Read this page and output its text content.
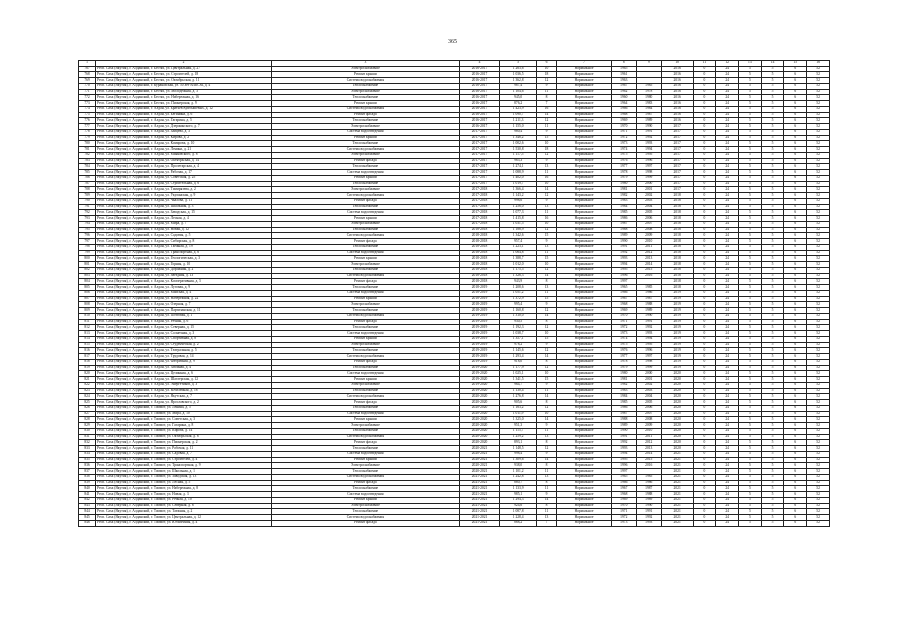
365
1	2	3	4	5	6	7	8	9	10	11	12	13	14	15	16
767	Респ. Саха (Якутия), г. Алданский, г. Бестях, ул. Центральная, д. 27	Электроснабжение	2016-2017	1 263,6	10	Нормальное	1965		2016	0	24	5	5	6	52
768	Респ. Саха (Якутия), г. Алданский, г. Бестях, ул. Строителей, д. 18	Ремонт крыши	2016-2017	1 036,5	18	Нормальное	1961		2016	0	24	5	5	6	52
769	Респ. Саха (Якутия), г. Алданский, г. Бестях, ул. Октябрьская, д. 11	Система водоснабжения	2016-2017	1 362,8	12	Нормальное	1963		2016	0	24	5	5	6	52
770	Респ. Саха (Якутия), г. Алданский, г. Куранахская, ул. 50 лет ВЛКСМ, д. 4	Теплоснабжение	2016-2017	987,4	9	Нормальное	1967	1985	2016	0	24	5	5	6	52
771	Респ. Саха (Якутия), г. Алданский, г. Бестях, ул. Молодежная, д. 3	Электроснабжение	2016-2017	1 104,6	11	Нормальное	1962	1978	2016	0	24	5	5	6	52
772	Респ. Саха (Якутия), г. Алданский, г. Бестях, ул. Набережная, д. 16	Теплоснабжение	2016-2017	945,0	8	Нормальное	1960	1980	2016	0	24	5	5	6	52
773	Респ. Саха (Якутия), г. Алданский, г. Бестях, ул. Пионерская, д. 9	Ремонт крыши	2016-2017	876,2	7	Нормальное	1964	1983	2016	0	24	5	5	6	52
774	Респ. Саха (Якутия), г. Алданский, г. Алдан, ул. Братьев Куйбышевых, д. 12	Система водоснабжения	2016-2017	1 423,9	16	Нормальное	1966	1984	2016	0	24	5	5	6	52
775	Респ. Саха (Якутия), г. Алданский, г. Алдан, ул. Бегинина, д. 6	Ремонт фасада	2016-2017	1 090,7	14	Нормальное	1968	1987	2016	0	24	5	5	6	52
776	Респ. Саха (Якутия), г. Алданский, г. Алдан, ул. Гагарина, д. 5	Теплоснабжение	2016-2017	1 211,3	12	Нормальное	1969	1989	2016	0	24	5	5	6	52
777	Респ. Саха (Якутия), г. Алданский, г. Алдан, ул. Дзержинского, д. 7	Электроснабжение	2016-2017	1 155,0	11	Нормальное	1970	1990	2017	0	24	5	5	6	52
778	Респ. Саха (Якутия), г. Алданский, г. Алдан, ул. Зайцева, д. 3	Система водоотведения	2017-2017	980,4	9	Нормальное	1971	1991	2017	0	24	5	5	6	52
779	Респ. Саха (Якутия), г. Алданский, г. Алдан, ул. Кирова, д. 2	Ремонт крыши	2017-2017	1 348,2	15	Нормальное	1972	1992	2017	0	24	5	5	6	52
780	Респ. Саха (Якутия), г. Алданский, г. Алдан, ул. Комарова, д. 10	Теплоснабжение	2017-2017	1 002,6	10	Нормальное	1973	1993	2017	0	24	5	5	6	52
781	Респ. Саха (Якутия), г. Алданский, г. Алдан, ул. Ленина, д. 21	Система водоснабжения	2017-2017	1 530,8	18	Нормальное	1974	1994	2017	0	24	5	5	6	52
782	Респ. Саха (Якутия), г. Алданский, г. Алдан, ул. Маяковского, д. 8	Электроснабжение	2017-2017	1 117,5	12	Нормальное	1975	1995	2017	0	24	5	5	6	52
783	Респ. Саха (Якутия), г. Алданский, г. Алдан, ул. Октябрьская, д. 14	Ремонт фасада	2017-2017	965,3	9	Нормальное	1976	1996	2017	0	24	5	5	6	52
784	Респ. Саха (Якутия), г. Алданский, г. Алдан, ул. Пролетарская, д. 4	Теплоснабжение	2017-2017	1 274,1	13	Нормальное	1977	1997	2017	0	24	5	5	6	52
785	Респ. Саха (Якутия), г. Алданский, г. Алдан, ул. Рабочая, д. 17	Система водоотведения	2017-2017	1 088,9	11	Нормальное	1978	1998	2017	0	24	5	5	6	52
786	Респ. Саха (Якутия), г. Алданский, г. Алдан, ул. Советская, д. 25	Ремонт крыши	2017-2017	1 402,0	16	Нормальное	1979	1999	2017	0	24	5	5	6	52
787	Респ. Саха (Якутия), г. Алданский, г. Алдан, ул. Строительная, д. 6	Теплоснабжение	2017-2017	1 019,7	10	Нормальное	1980	2000	2017	0	24	5	5	6	52
788	Респ. Саха (Якутия), г. Алданский, г. Алдан, ул. Тимирязева, д. 2	Электроснабжение	2017-2018	1 366,4	14	Нормальное	1981	2001	2017	0	24	5	5	6	52
789	Респ. Саха (Якутия), г. Алданский, г. Алдан, ул. Укуланская, д. 9	Система водоснабжения	2017-2018	1 143,2	12	Нормальное	1982	2002	2018	0	24	5	5	6	52
790	Респ. Саха (Якутия), г. Алданский, г. Алдан, ул. Чкалова, д. 11	Ремонт фасада	2017-2018	998,6	9	Нормальное	1983	2003	2018	0	24	5	5	6	52
791	Респ. Саха (Якутия), г. Алданский, г. Алдан, ул. Школьная, д. 3	Теплоснабжение	2017-2018	1 256,0	13	Нормальное	1984	2004	2018	0	24	5	5	6	52
792	Респ. Саха (Якутия), г. Алданский, г. Алдан, ул. Заводская, д. 15	Система водоотведения	2017-2018	1 077,3	11	Нормальное	1985	2005	2018	0	24	5	5	6	52
793	Респ. Саха (Якутия), г. Алданский, г. Алдан, ул. Лесная, д. 4	Ремонт крыши	2017-2018	1 415,8	16	Нормальное	1986	2006	2018	0	24	5	5	6	52
794	Респ. Саха (Якутия), г. Алданский, г. Алдан, ул. Мира, д. 7	Электроснабжение	2017-2018	1 031,5	10	Нормальное	1987	2007	2018	0	24	5	5	6	52
795	Респ. Саха (Якутия), г. Алданский, г. Алдан, ул. Новая, д. 12	Теплоснабжение	2018-2018	1 188,9	12	Нормальное	1988	2008	2018	0	24	5	5	6	52
796	Респ. Саха (Якутия), г. Алданский, г. Алдан, ул. Садовая, д. 5	Система водоснабжения	2018-2018	1 342,6	15	Нормальное	1989	2009	2018	0	24	5	5	6	52
797	Респ. Саха (Якутия), г. Алданский, г. Алдан, ул. Сибирская, д. 8	Ремонт фасада	2018-2018	957,4	9	Нормальное	1990	2010	2018	0	24	5	5	6	52
798	Респ. Саха (Якутия), г. Алданский, г. Алдан, ул. Таежная, д. 19	Теплоснабжение	2018-2018	1 223,1	13	Нормальное	1991	2011	2018	0	24	5	5	6	52
799	Респ. Саха (Якутия), г. Алданский, г. Алдан, ул. Транспортная, д. 6	Система водоотведения	2018-2018	1 064,8	11	Нормальное	1992	2012	2018	0	24	5	5	6	52
800	Респ. Саха (Якутия), г. Алданский, г. Алдан, ул. Геологическая, д. 3	Ремонт крыши	2018-2018	1 388,7	15	Нормальное	1993	2013	2018	0	24	5	5	6	52
801	Респ. Саха (Якутия), г. Алданский, г. Алдан, ул. Горная, д. 10	Электроснабжение	2018-2018	1 012,0	10	Нормальное	1994	2014	2018	0	24	5	5	6	52
802	Респ. Саха (Якутия), г. Алданский, г. Алдан, ул. Дорожная, д. 2	Теплоснабжение	2018-2018	1 175,5	12	Нормальное	1995	2015	2018	0	24	5	5	6	52
803	Респ. Саха (Якутия), г. Алданский, г. Алдан, ул. Звездная, д. 13	Система водоснабжения	2018-2018	1 326,3	14	Нормальное	1996	2016	2018	0	24	5	5	6	52
804	Респ. Саха (Якутия), г. Алданский, г. Алдан, ул. Кооперативная, д. 5	Ремонт фасада	2018-2018	943,9	8	Нормальное	1997		2018	0	24	5	5	6	52
805	Респ. Саха (Якутия), г. Алданский, г. Алдан, ул. Луговая, д. 9	Теплоснабжение	2018-2019	1 208,6	13	Нормальное	1965	1985	2018	0	24	5	5	6	52
806	Респ. Саха (Якутия), г. Алданский, г. Алдан, ул. Майская, д. 4	Система водоотведения	2018-2019	1 051,2	11	Нормальное	1966	1986	2019	0	24	5	5	6	52
807	Респ. Саха (Якутия), г. Алданский, г. Алдан, ул. Набережная, д. 22	Ремонт крыши	2018-2019	1 372,9	15	Нормальное	1967	1987	2019	0	24	5	5	6	52
808	Респ. Саха (Якутия), г. Алданский, г. Алдан, ул. Озерная, д. 7	Электроснабжение	2018-2019	995,4	9	Нормальное	1968	1988	2019	0	24	5	5	6	52
809	Респ. Саха (Якутия), г. Алданский, г. Алдан, ул. Партизанская, д. 11	Теплоснабжение	2018-2019	1 160,8	12	Нормальное	1969	1989	2019	0	24	5	5	6	52
810	Респ. Саха (Якутия), г. Алданский, г. Алдан, ул. Почтовая, д. 1	Система водоснабжения	2019-2019	1 310,0	14	Нормальное	1970	1990	2019	0	24	5	5	6	52
811	Респ. Саха (Якутия), г. Алданский, г. Алдан, ул. Речная, д. 6	Ремонт фасада	2019-2019	930,5	8	Нормальное	1971	1991	2019	0	24	5	5	6	52
812	Респ. Саха (Якутия), г. Алданский, г. Алдан, ул. Северная, д. 15	Теплоснабжение	2019-2019	1 192,3	12	Нормальное	1972	1992	2019	0	24	5	5	6	52
813	Респ. Саха (Якутия), г. Алданский, г. Алдан, ул. Солнечная, д. 3	Система водоотведения	2019-2019	1 038,7	10	Нормальное	1973	1993	2019	0	24	5	5	6	52
814	Респ. Саха (Якутия), г. Алданский, г. Алдан, ул. Спортивная, д. 8	Ремонт крыши	2019-2019	1 357,1	15	Нормальное	1974	1994	2019	0	24	5	5	6	52
815	Респ. Саха (Якутия), г. Алданский, г. Алдан, ул. Студенческая, д. 2	Электроснабжение	2019-2019	978,2	9	Нормальное	1975	1995	2019	0	24	5	5	6	52
816	Респ. Саха (Якутия), г. Алданский, г. Алдан, ул. Театральная, д. 5	Теплоснабжение	2019-2019	1 145,6	12	Нормальное	1976	1996	2019	0	24	5	5	6	52
817	Респ. Саха (Якутия), г. Алданский, г. Алдан, ул. Трудовая, д. 14	Система водоснабжения	2019-2019	1 293,4	14	Нормальное	1977	1997	2019	0	24	5	5	6	52
818	Респ. Саха (Якутия), г. Алданский, г. Алдан, ул. Фабричная, д. 9	Ремонт фасада	2019-2019	918,0	8	Нормальное	1978	1998	2019	0	24	5	5	6	52
819	Респ. Саха (Якутия), г. Алданский, г. Алдан, ул. Хвойная, д. 4	Теплоснабжение	2019-2020	1 177,9	12	Нормальное	1979	1999	2019	0	24	5	5	6	52
820	Респ. Саха (Якутия), г. Алданский, г. Алдан, ул. Целинная, д. 6	Система водоотведения	2019-2020	1 025,1	10	Нормальное	1980	2000	2020	0	24	5	5	6	52
821	Респ. Саха (Якутия), г. Алданский, г. Алдан, ул. Шахтерская, д. 12	Ремонт крыши	2019-2020	1 341,5	15	Нормальное	1981	2001	2020	0	24	5	5	6	52
822	Респ. Саха (Якутия), г. Алданский, г. Алдан, ул. Энергетиков, д. 3	Электроснабжение	2019-2020	964,7	9	Нормальное	1982	2002	2020	0	24	5	5	6	52
823	Респ. Саха (Якутия), г. Алданский, г. Алдан, ул. Юбилейная, д. 18	Теплоснабжение	2019-2020	1 130,4	11	Нормальное	1983	2003	2020	0	24	5	5	6	52
824	Респ. Саха (Якутия), г. Алданский, г. Алдан, ул. Якутская, д. 7	Система водоснабжения	2020-2020	1 276,8	14	Нормальное	1984	2004	2020	0	24	5	5	6	52
825	Респ. Саха (Якутия), г. Алданский, г. Алдан, ул. Ярославского, д. 2	Ремонт фасада	2020-2020	905,6	8	Нормальное	1985	2005	2020	0	24	5	5	6	52
826	Респ. Саха (Якутия), г. Алданский, г. Томмот, ул. Ленина, д. 5	Теплоснабжение	2020-2020	1 163,2	12	Нормальное	1986	2006	2020	0	24	5	5	6	52
827	Респ. Саха (Якутия), г. Алданский, г. Томмот, ул. Мира, д. 10	Система водоотведения	2020-2020	1 011,9	10	Нормальное	1987	2007	2020	0	24	5	5	6	52
828	Респ. Саха (Якутия), г. Алданский, г. Томмот, ул. Советская, д. 3	Ремонт крыши	2020-2020	1 325,0	14	Нормальное	1988	2008	2020	0	24	5	5	6	52
829	Респ. Саха (Якутия), г. Алданский, г. Томмот, ул. Гагарина, д. 8	Электроснабжение	2020-2020	951,3	9	Нормальное	1989	2009	2020	0	24	5	5	6	52
830	Респ. Саха (Якутия), г. Алданский, г. Томмот, ул. Кирова, д. 14	Теплоснабжение	2020-2020	1 115,7	11	Нормальное	1990	2010	2020	0	24	5	5	6	52
831	Респ. Саха (Якутия), г. Алданский, г. Томмот, ул. Октябрьская, д. 6	Система водоснабжения	2020-2020	1 259,2	13	Нормальное	1991	2011	2020	0	24	5	5	6	52
832	Респ. Саха (Якутия), г. Алданский, г. Томмот, ул. Пионерская, д. 2	Ремонт фасада	2020-2020	893,1	8	Нормальное	1992	2012	2020	0	24	5	5	6	52
833	Респ. Саха (Якутия), г. Алданский, г. Томмот, ул. Рабочая, д. 11	Теплоснабжение	2020-2021	1 148,5	12	Нормальное	1993	2013	2020	0	24	5	5	6	52
834	Респ. Саха (Якутия), г. Алданский, г. Томмот, ул. Садовая, д. 7	Система водоотведения	2020-2021	998,4	9	Нормальное	1994	2014	2021	0	24	5	5	6	52
835	Респ. Саха (Якутия), г. Алданский, г. Томмот, ул. Строителей, д. 4	Ремонт крыши	2020-2021	1 309,6	14	Нормальное	1995	2015	2021	0	24	5	5	6	52
836	Респ. Саха (Якутия), г. Алданский, г. Томмот, ул. Транспортная, д. 9	Электроснабжение	2020-2021	938,0	8	Нормальное	1996	2016	2021	0	24	5	5	6	52
837	Респ. Саха (Якутия), г. Алданский, г. Томмот, ул. Школьная, д. 1	Теплоснабжение	2020-2021	1 101,2	11	Нормальное	1997		2021	0	24	5	5	6	52
838	Респ. Саха (Якутия), г. Алданский, г. Томмот, ул. Заводская, д. 13	Система водоснабжения	2021-2021	1 242,8	13	Нормальное	1965	1985	2021	0	24	5	5	6	52
839	Респ. Саха (Якутия), г. Алданский, г. Томмот, ул. Лесная, д. 5	Ремонт фасада	2021-2021	880,7	8	Нормальное	1966	1986	2021	0	24	5	5	6	52
840	Респ. Саха (Якутия), г. Алданский, г. Томмот, ул. Набережная, д. 8	Теплоснабжение	2021-2021	1 133,9	11	Нормальное	1967	1987	2021	0	24	5	5	6	52
841	Респ. Саха (Якутия), г. Алданский, г. Томмот, ул. Новая, д. 3	Система водоотведения	2021-2021	985,1	9	Нормальное	1968	1988	2021	0	24	5	5	6	52
842	Респ. Саха (Якутия), г. Алданский, г. Томмот, ул. Речная, д. 10	Ремонт крыши	2021-2021	1 294,3	14	Нормальное	1969	1989	2021	0	24	5	5	6	52
843	Респ. Саха (Якутия), г. Алданский, г. Томмот, ул. Северная, д. 6	Электроснабжение	2021-2021	924,6	8	Нормальное	1970	1990	2021	0	24	5	5	6	52
844	Респ. Саха (Якутия), г. Алданский, г. Томмот, ул. Таежная, д. 2	Теплоснабжение	2021-2021	1 087,8	11	Нормальное	1971	1991	2021	0	24	5	5	6	52
845	Респ. Саха (Якутия), г. Алданский, г. Томмот, ул. Центральная, д. 12	Система водоснабжения	2021-2021	1 228,4	13	Нормальное	1972	1992	2021	0	24	5	5	6	52
846	Респ. Саха (Якутия), г. Алданский, г. Томмот, ул. Юбилейная, д. 4	Ремонт фасада	2021-2021	868,2	7	Нормальное	1973	1993	2021	0	24	5	5	6	52
